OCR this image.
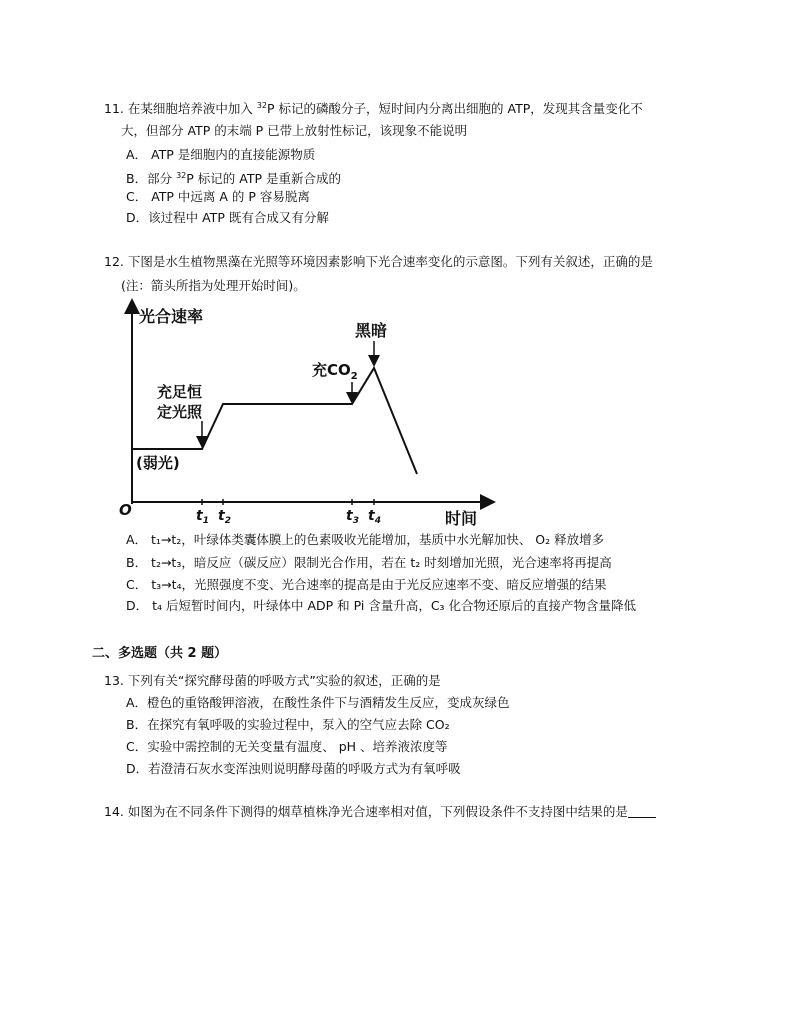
11. 在某细胞培养液中加入 $^{32}$P 标记的磷酸分子，短时间内分离出细胞的 ATP，发现其含量变化不
大，但部分 ATP 的末端 P 已带上放射性标记，该现象不能说明
A． ATP 是细胞内的直接能源物质
B．部分 $^{32}$P 标记的 ATP 是重新合成的
C． ATP 中远离 A 的 P 容易脱离
D．该过程中 ATP 既有合成又有分解
12. 下图是水生植物黑藻在光照等环境因素影响下光合速率变化的示意图。下列有关叙述，正确的是
(注：箭头所指为处理开始时间)。
光合速率
时间
O	$t_1$ $t_2$	$t_3$ $t_4$
(弱光)
充足恒
定光照
充$CO_2$
黑暗
A． t₁→t₂，叶绿体类囊体膜上的色素吸收光能增加，基质中水光解加快、 O₂ 释放增多
B． t₂→t₃，暗反应（碳反应）限制光合作用，若在 t₂ 时刻增加光照，光合速率将再提高
C． t₃→t₄，光照强度不变、光合速率的提高是由于光反应速率不变、暗反应增强的结果
D． t₄ 后短暂时间内，叶绿体中 ADP 和 Pi 含量升高，C₃ 化合物还原后的直接产物含量降低
二、多选题（共 2 题）
13. 下列有关“探究酵母菌的呼吸方式”实验的叙述，正确的是
A．橙色的重铬酸钾溶液，在酸性条件下与酒精发生反应，变成灰绿色
B．在探究有氧呼吸的实验过程中，泵入的空气应去除 CO₂
C．实验中需控制的无关变量有温度、 pH 、培养液浓度等
D．若澄清石灰水变浑浊则说明酵母菌的呼吸方式为有氧呼吸
14. 如图为在不同条件下测得的烟草植株净光合速率相对值，下列假设条件不支持图中结果的是
